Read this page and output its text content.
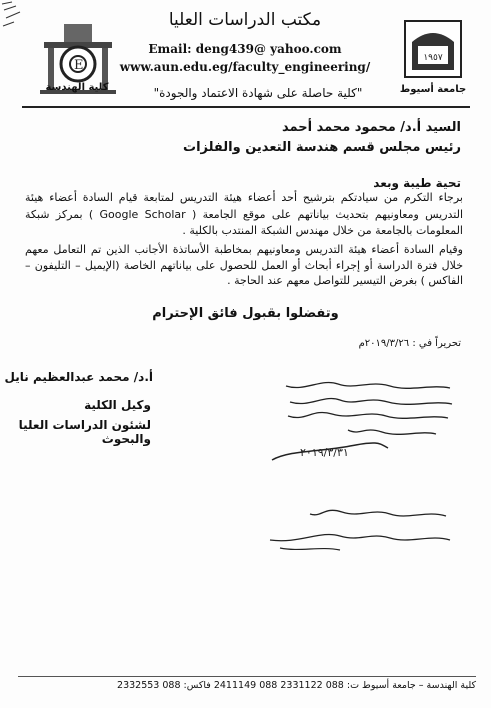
E
كلية الهندسة
مكتب الدراسات العليا
Email: deng439@ yahoo.com
www.aun.edu.eg/faculty_engineering/
"كلية حاصلة على شهادة الاعتماد والجودة"
١٩٥٧
جامعة أسيوط
السيد أ.د/ محمود محمد أحمد
رئيس مجلس قسم هندسة التعدين والفلزات
تحية طيبة وبعد
برجاء التكرم من سيادتكم بترشيح أحد أعضاء هيئة التدريس لمتابعة قيام السادة أعضاء هيئة التدريس ومعاونيهم بتحديث بياناتهم على موقع الجامعة ( Google Scholar ) بمركز شبكة المعلومات بالجامعة من خلال مهندس الشبكة المنتدب بالكلية .
وقيام السادة أعضاء هيئة التدريس ومعاونيهم بمخاطبة الأساتذة الأجانب الذين تم التعامل معهم خلال فترة الدراسة أو إجراء أبحاث أو العمل للحصول على بياناتهم الخاصة (الإيميل – التليفون – الفاكس ) بغرض التيسير للتواصل معهم عند الحاجة .
وتفضلوا بقبول فائق الإحترام
تحريراً في : ٢٠١٩/٣/٢٦م
أ.د/ محمد عبدالعظيم نايل
وكيل الكلية
لشئون الدراسات العليا والبحوث
٢٠١٩/٣/٣١
كلية الهندسة – جامعة أسيوط ت: 088 2331122 088 2411149 فاكس: 088 2332553
